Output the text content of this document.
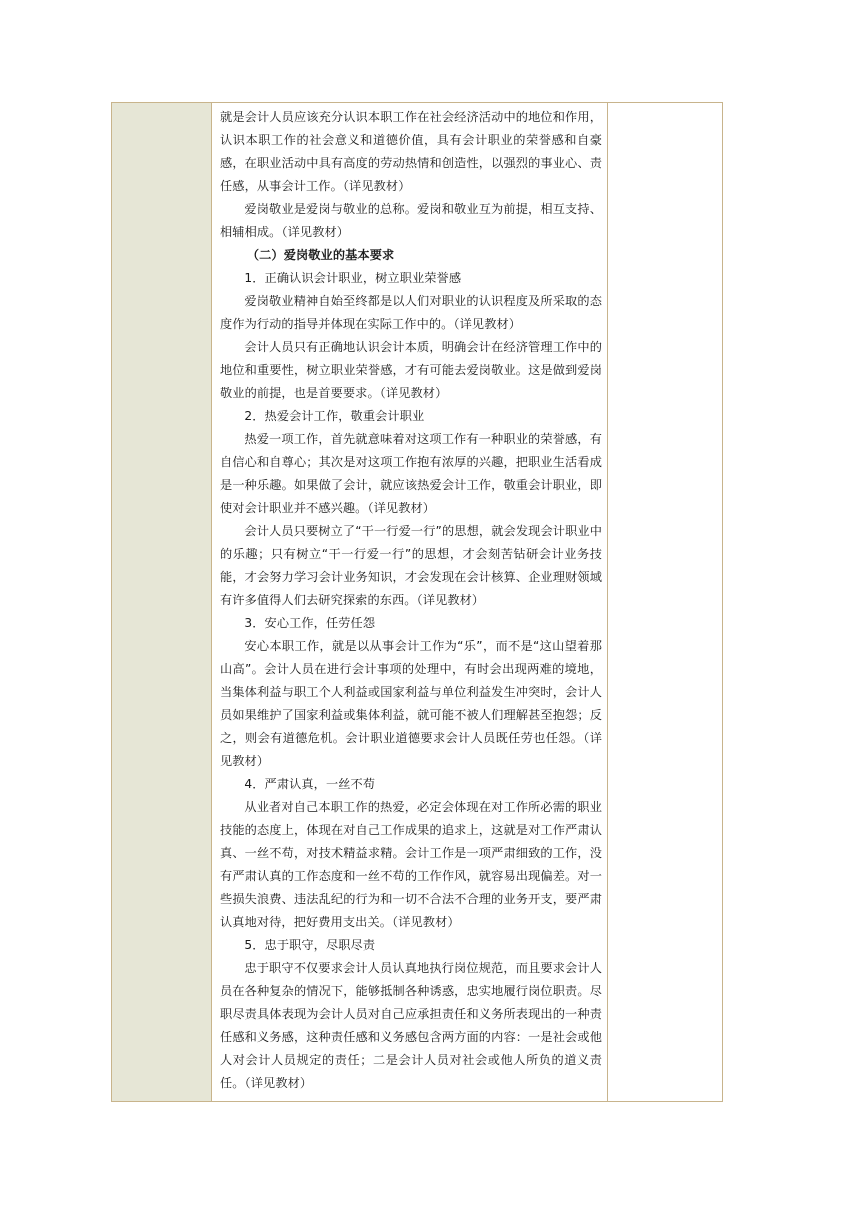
就是会计人员应该充分认识本职工作在社会经济活动中的地位和作用，认识本职工作的社会意义和道德价值，具有会计职业的荣誉感和自豪感，在职业活动中具有高度的劳动热情和创造性，以强烈的事业心、责任感，从事会计工作。（详见教材）

爱岗敬业是爱岗与敬业的总称。爱岗和敬业互为前提，相互支持、相辅相成。（详见教材）

（二）爱岗敬业的基本要求

1．正确认识会计职业，树立职业荣誉感

爱岗敬业精神自始至终都是以人们对职业的认识程度及所采取的态度作为行动的指导并体现在实际工作中的。（详见教材）

会计人员只有正确地认识会计本质，明确会计在经济管理工作中的地位和重要性，树立职业荣誉感，才有可能去爱岗敬业。这是做到爱岗敬业的前提，也是首要要求。（详见教材）

2．热爱会计工作，敬重会计职业

热爱一项工作，首先就意味着对这项工作有一种职业的荣誉感，有自信心和自尊心；其次是对这项工作抱有浓厚的兴趣，把职业生活看成是一种乐趣。如果做了会计，就应该热爱会计工作，敬重会计职业，即使对会计职业并不感兴趣。（详见教材）

会计人员只要树立了“干一行爱一行”的思想，就会发现会计职业中的乐趣；只有树立“干一行爱一行”的思想，才会刻苦钻研会计业务技能，才会努力学习会计业务知识，才会发现在会计核算、企业理财领域有许多值得人们去研究探索的东西。（详见教材）

3．安心工作，任劳任怨

安心本职工作，就是以从事会计工作为“乐”，而不是“这山望着那山高”。会计人员在进行会计事项的处理中，有时会出现两难的境地，当集体利益与职工个人利益或国家利益与单位利益发生冲突时，会计人员如果维护了国家利益或集体利益，就可能不被人们理解甚至抱怨；反之，则会有道德危机。会计职业道德要求会计人员既任劳也任怨。（详见教材）

4．严肃认真，一丝不苟

从业者对自己本职工作的热爱，必定会体现在对工作所必需的职业技能的态度上，体现在对自己工作成果的追求上，这就是对工作严肃认真、一丝不苟，对技术精益求精。会计工作是一项严肃细致的工作，没有严肃认真的工作态度和一丝不苟的工作作风，就容易出现偏差。对一些损失浪费、违法乱纪的行为和一切不合法不合理的业务开支，要严肃认真地对待，把好费用支出关。（详见教材）

5．忠于职守，尽职尽责

忠于职守不仅要求会计人员认真地执行岗位规范，而且要求会计人员在各种复杂的情况下，能够抵制各种诱惑，忠实地履行岗位职责。尽职尽责具体表现为会计人员对自己应承担责任和义务所表现出的一种责任感和义务感，这种责任感和义务感包含两方面的内容：一是社会或他人对会计人员规定的责任；二是会计人员对社会或他人所负的道义责任。（详见教材）
